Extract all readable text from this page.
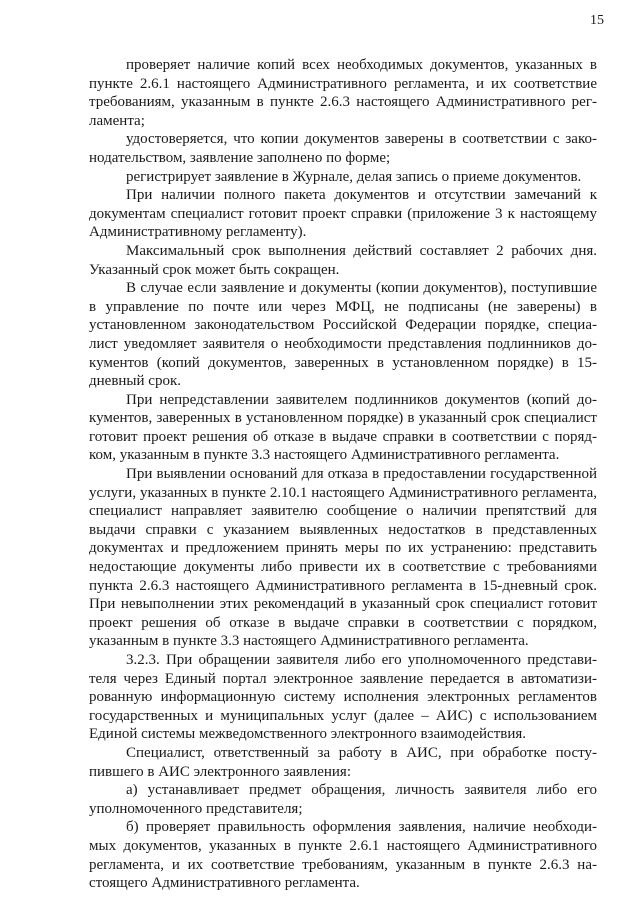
15

проверяет наличие копий всех необходимых документов, указанных в пункте 2.6.1 настоящего Административного регламента, и их соответствие требованиям, указанным в пункте 2.6.3 настоящего Административного регламента;

удостоверяется, что копии документов заверены в соответствии с законодательством, заявление заполнено по форме;

регистрирует заявление в Журнале, делая запись о приеме документов.

При наличии полного пакета документов и отсутствии замечаний к документам специалист готовит проект справки (приложение 3 к настоящему Административному регламенту).

Максимальный срок выполнения действий составляет 2 рабочих дня. Указанный срок может быть сокращен.

В случае если заявление и документы (копии документов), поступившие в управление по почте или через МФЦ, не подписаны (не заверены) в установленном законодательством Российской Федерации порядке, специалист уведомляет заявителя о необходимости представления подлинников документов (копий документов, заверенных в установленном порядке) в 15-дневный срок.

При непредставлении заявителем подлинников документов (копий документов, заверенных в установленном порядке) в указанный срок специалист готовит проект решения об отказе в выдаче справки в соответствии с порядком, указанным в пункте 3.3 настоящего Административного регламента.

При выявлении оснований для отказа в предоставлении государственной услуги, указанных в пункте 2.10.1 настоящего Административного регламента, специалист направляет заявителю сообщение о наличии препятствий для выдачи справки с указанием выявленных недостатков в представленных документах и предложением принять меры по их устранению: представить недостающие документы либо привести их в соответствие с требованиями пункта 2.6.3 настоящего Административного регламента в 15-дневный срок. При невыполнении этих рекомендаций в указанный срок специалист готовит проект решения об отказе в выдаче справки в соответствии с порядком, указанным в пункте 3.3 настоящего Административного регламента.

3.2.3. При обращении заявителя либо его уполномоченного представителя через Единый портал электронное заявление передается в автоматизированную информационную систему исполнения электронных регламентов государственных и муниципальных услуг (далее – АИС) с использованием Единой системы межведомственного электронного взаимодействия.

Специалист, ответственный за работу в АИС, при обработке поступившего в АИС электронного заявления:

а) устанавливает предмет обращения, личность заявителя либо его уполномоченного представителя;

б) проверяет правильность оформления заявления, наличие необходимых документов, указанных в пункте 2.6.1 настоящего Административного регламента, и их соответствие требованиям, указанным в пункте 2.6.3 настоящего Административного регламента.
